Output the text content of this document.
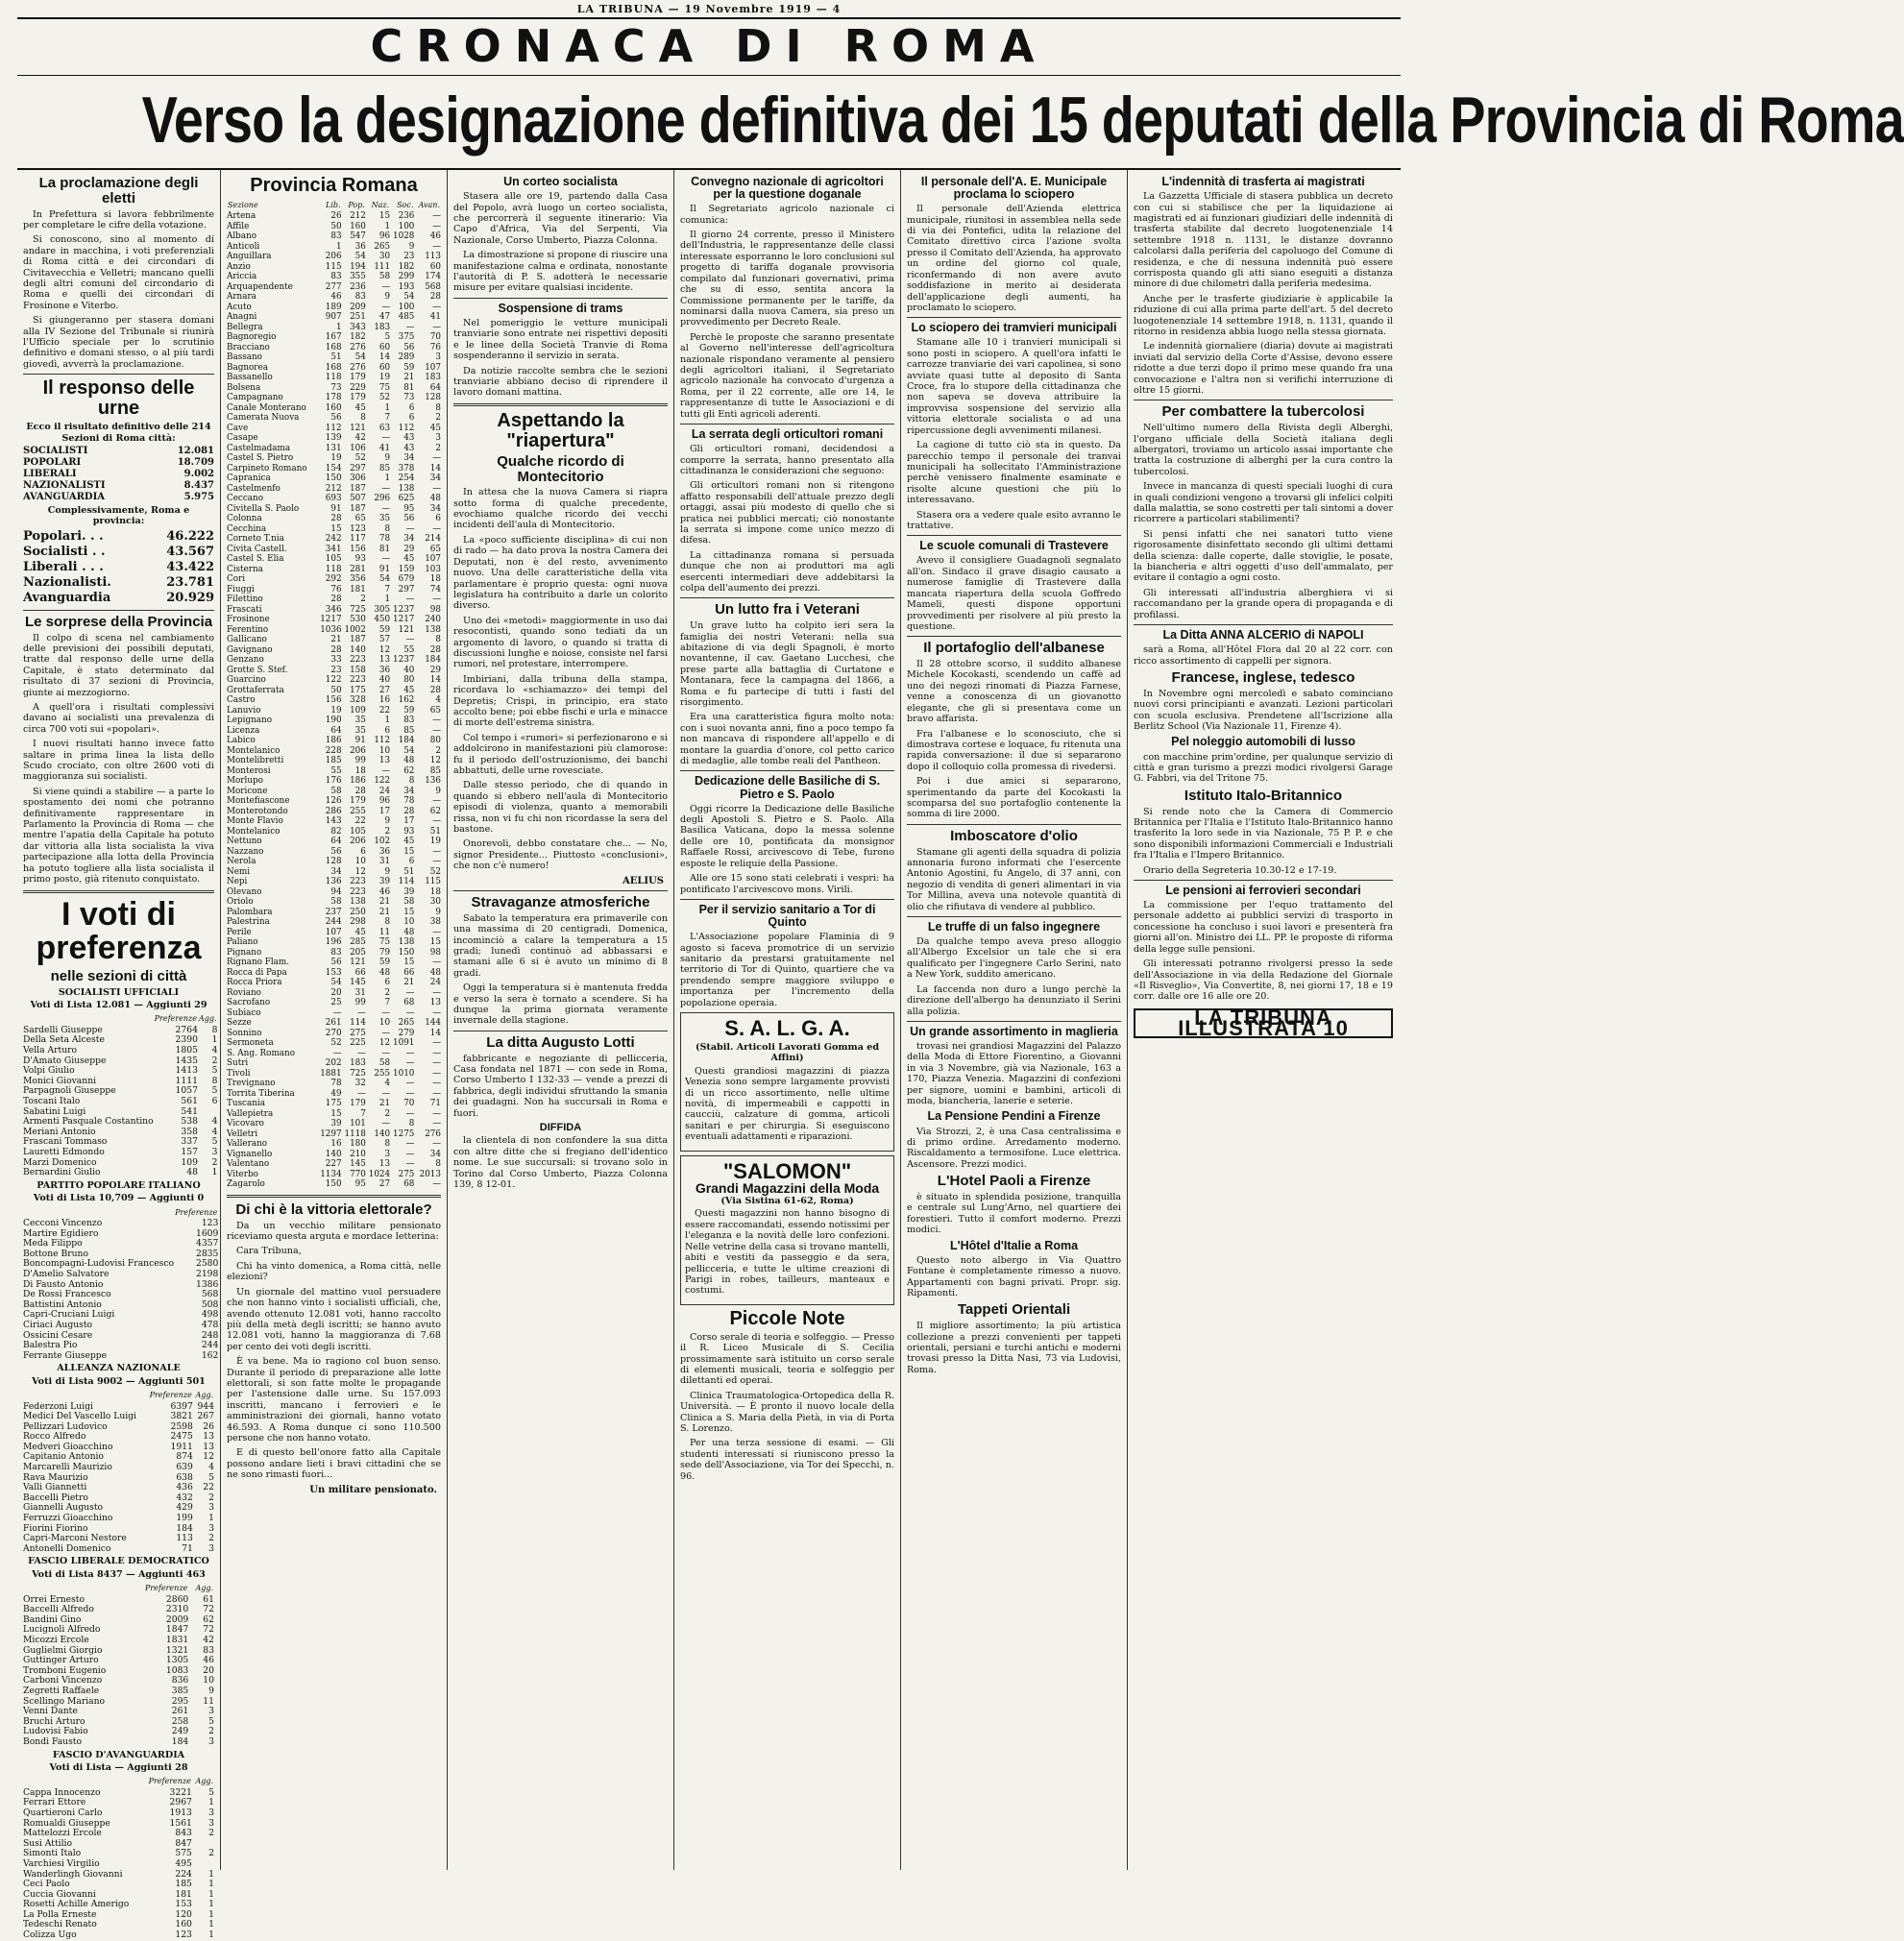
LA TRIBUNA — 19 Novembre 1919 — 4
CRONACA DI ROMA
Verso la designazione definitiva dei 15 deputati della Provincia di Roma
La proclamazione degli eletti

In Prefettura si lavora febbrilmente per completare le cifre della votazione.

Si conoscono, sino al momento di andare in macchina, i voti preferenziali di Roma città e dei circondari di Civitavecchia e Velletri; mancano quelli degli altri comuni del circondario di Roma e quelli dei circondari di Frosinone e Viterbo.

Si giungeranno per stasera domani alla IV Sezione del Tribunale si riunirà l'Ufficio speciale per lo scrutinio definitivo e domani stesso, o al più tardi giovedì, avverrà la proclamazione.

Il responso delle urne
Ecco il risultato definitivo delle 214 Sezioni di Roma città:
SOCIALISTI	12.081
POPOLARI	18.709
LIBERALI	9.002
NAZIONALISTI	8.437
AVANGUARDIA	5.975
Complessivamente, Roma e provincia:
Popolari. . .	46.222
Socialisti . .	43.567
Liberali . . .	43.422
Nazionalisti.	23.781
Avanguardia	20.929
Le sorprese della Provincia

Il colpo di scena nel cambiamento delle previsioni dei possibili deputati, tratte dal responso delle urne della Capitale, è stato determinato dal risultato di 37 sezioni di Provincia, giunte ai mezzogiorno.

A quell'ora i risultati complessivi davano ai socialisti una prevalenza di circa 700 voti sui «popolari».

I nuovi risultati hanno invece fatto saltare in prima linea la lista dello Scudo crociato, con oltre 2600 voti di maggioranza sui socialisti.

Si viene quindi a stabilire — a parte lo spostamento dei nomi che potranno definitivamente rappresentare in Parlamento la Provincia di Roma — che mentre l'apatia della Capitale ha potuto dar vittoria alla lista socialista la viva partecipazione alla lotta della Provincia ha potuto togliere alla lista socialista il primo posto, già ritenuto conquistato.

I voti di preferenza
nelle sezioni di città
SOCIALISTI UFFICIALI
Voti di Lista 12.081 — Aggiunti 29
	Preferenze	Agg.
Sardelli Giuseppe	2764	8
Della Seta Alceste	2390	1
Vella Arturo	1805	4
D'Amato Giuseppe	1435	2
Volpi Giulio	1413	5
Monici Giovanni	1111	8
Parpagnoli Giuseppe	1057	5
Toscani Italo	561	6
Sabatini Luigi	541	
Armenti Pasquale Costantino	538	4
Meriani Antonio	358	4
Frascani Tommaso	337	5
Lauretti Edmondo	157	3
Marzi Domenico	109	2
Bernardini Giulio	48	1
PARTITO POPOLARE ITALIANO
Voti di Lista 10,709 — Aggiunti 0
	Preferenze
Cecconi Vincenzo	123
Martire Egidiero	1609
Meda Filippo	4357
Bottone Bruno	2835
Boncompagni-Ludovisi Francesco	2580
D'Amelio Salvatore	2198
Di Fausto Antonio	1386
De Rossi Francesco	568
Battistini Antonio	508
Capri-Cruciani Luigi	498
Ciriaci Augusto	478
Ossicini Cesare	248
Balestra Pio	244
Ferrante Giuseppe	162
ALLEANZA NAZIONALE
Voti di Lista 9002 — Aggiunti 501
	Preferenze	Agg.
Federzoni Luigi	6397	944
Medici Del Vascello Luigi	3821	267
Pellizzari Ludovico	2598	26
Rocco Alfredo	2475	13
Medveri Gioacchino	1911	13
Capitanio Antonio	874	12
Marcarelli Maurizio	639	4
Rava Maurizio	638	5
Valli Giannetti	436	22
Baccelli Pietro	432	2
Giannelli Augusto	429	3
Ferruzzi Gioacchino	199	1
Fiorini Fiorino	184	3
Capri-Marconi Nestore	113	2
Antonelli Domenico	71	3
FASCIO LIBERALE DEMOCRATICO
Voti di Lista 8437 — Aggiunti 463
	Preferenze	Agg.
Orrei Ernesto	2860	61
Baccelli Alfredo	2310	72
Bandini Gino	2009	62
Lucignoli Alfredo	1847	72
Micozzi Ercole	1831	42
Guglielmi Giorgio	1321	83
Guttinger Arturo	1305	46
Tromboni Eugenio	1083	20
Carboni Vincenzo	836	10
Zegretti Raffaele	385	9
Scellingo Mariano	295	11
Venni Dante	261	3
Bruchi Arturo	258	5
Ludovisi Fabio	249	2
Bondi Fausto	184	3
FASCIO D'AVANGUARDIA
Voti di Lista — Aggiunti 28
	Preferenze	Agg.
Cappa Innocenzo	3221	5
Ferrari Ettore	2967	1
Quartieroni Carlo	1913	3
Romualdi Giuseppe	1561	3
Mattelozzi Ercole	843	2
Susi Attilio	847	
Simonti Italo	575	2
Varchiesi Virgilio	495	
Wanderlingh Giovanni	224	1
Ceci Paolo	185	1
Cuccia Giovanni	181	1
Rosetti Achille Amerigo	153	1
La Polla Erneste	120	1
Tedeschi Renato	160	1
Colizza Ugo	123	1
Provincia Romana
Sezione	Lib.	Pop.	Naz.	Soc.	Avan.
Artena	26	212	15	236	—
Affile	50	160	1	100	—
Albano	83	547	96	1028	46
Anticoli	1	36	265	9	—
Anguillara	206	54	30	23	113
Anzio	115	194	111	182	60
Ariccia	83	355	58	299	174
Arquapendente	277	236	—	193	568
Arnara	46	83	9	54	28
Acuto	189	209	—	100	—
Anagni	907	251	47	485	41
Bellegra	1	343	183	—	—
Bagnoregio	167	182	5	375	70
Bracciano	168	276	60	56	76
Bassano	51	54	14	289	3
Bagnorea	168	276	60	59	107
Bassanello	118	179	19	21	183
Bolsena	73	229	75	81	64
Campagnano	178	179	52	73	128
Canale Monterano	160	45	1	6	8
Camerata Nuova	56	8	7	6	2
Cave	112	121	63	112	45
Casape	139	42	—	43	3
Castelmadama	131	106	41	43	2
Castel S. Pietro	19	52	9	34	—
Carpineto Romano	154	297	85	378	14
Capranica	150	306	1	254	34
Castelmenfo	212	187	—	138	—
Ceccano	693	507	296	625	48
Civitella S. Paolo	91	187	—	95	34
Colonna	28	65	35	56	6
Cecchina	15	123	8	—	—
Corneto T.nia	242	117	78	34	214
Civita Castell.	341	156	81	29	65
Castel S. Elia	105	93	—	45	107
Cisterna	118	281	91	159	103
Cori	292	356	54	679	18
Fiuggi	76	181	7	297	74
Filettino	28	2	1	—	—
Frascati	346	725	305	1237	98
Frosinone	1217	530	450	1217	240
Ferentino	1036	1002	59	121	138
Gallicano	21	187	57	—	8
Gavignano	28	140	12	55	28
Genzano	33	223	13	1237	184
Grotte S. Stef.	23	158	36	40	29
Guarcino	122	223	40	80	14
Grottaferrata	50	175	27	45	28
Castro	156	328	16	162	4
Lanuvio	19	109	22	59	65
Lepignano	190	35	1	83	—
Licenza	64	35	6	85	—
Labico	186	91	112	184	80
Montelanico	228	206	10	54	2
Montelibretti	185	99	13	48	12
Monterosi	55	18	—	62	85
Morlupo	176	186	122	8	136
Moricone	58	28	24	34	9
Montefiascone	126	179	96	78	—
Monterotondo	286	255	17	28	62
Monte Flavio	143	22	9	17	—
Montelanico	82	105	2	93	51
Nettuno	64	206	102	45	19
Nazzano	56	6	36	15	—
Nerola	128	10	31	6	—
Nemi	34	12	9	51	52
Nepi	136	223	39	114	115
Olevano	94	223	46	39	18
Oriolo	58	138	21	58	30
Palombara	237	250	21	15	9
Palestrina	244	298	8	10	38
Perile	107	45	11	48	—
Paliano	196	285	75	138	15
Pignano	83	205	79	150	98
Rignano Flam.	56	121	59	15	—
Rocca di Papa	153	66	48	66	48
Rocca Priora	54	145	6	21	24
Roviano	20	31	2	—	—
Sacrofano	25	99	7	68	13
Subiaco	—	—	—	—	—
Sezze	261	114	10	265	144
Sonnino	270	275	—	279	14
Sermoneta	52	225	12	1091	—
S. Ang. Romano	—	—	—	—	—
Sutri	202	183	58	—	—
Tivoli	1881	725	255	1010	—
Trevignano	78	32	4	—	—
Torrita Tiberina	49	—	—	—	—
Tuscania	175	179	21	70	71
Vallepietra	15	7	2	—	—
Vicovaro	39	101	—	8	—
Velletri	1297	1118	140	1275	276
Vallerano	16	180	8	—	—
Vignanello	140	210	3	—	34
Valentano	227	145	13	—	8
Viterbo	1134	770	1024	275	2013
Zagarolo	150	95	27	68	—
Di chi è la vittoria elettorale?

Da un vecchio militare pensionato riceviamo questa arguta e mordace letterina:

Cara Tribuna,

Chi ha vinto domenica, a Roma città, nelle elezioni?

Un giornale del mattino vuol persuadere che non hanno vinto i socialisti ufficiali, che, avendo ottenuto 12.081 voti, hanno raccolto più della metà degli iscritti; se hanno avuto 12.081 voti, hanno la maggioranza di 7.68 per cento dei voti degli iscritti.

È va bene. Ma io ragiono col buon senso. Durante il periodo di preparazione alle lotte elettorali, si son fatte molte le propagande per l'astensione dalle urne. Su 157.093 inscritti, mancano i ferrovieri e le amministrazioni dei giornali, hanno votato 46.593. A Roma dunque ci sono 110.500 persone che non hanno votato.

E di questo bell'onore fatto alla Capitale possono andare lieti i bravi cittadini che se ne sono rimasti fuori...

Un militare pensionato.
Un corteo socialista

Stasera alle ore 19, partendo dalla Casa del Popolo, avrà luogo un corteo socialista, che percorrerà il seguente itinerario: Via Capo d'Africa, Via del Serpenti, Via Nazionale, Corso Umberto, Piazza Colonna.

La dimostrazione si propone di riuscire una manifestazione calma e ordinata, nonostante l'autorità di P. S. adotterà le necessarie misure per evitare qualsiasi incidente.

Sospensione di trams

Nel pomeriggio le vetture municipali tranviarie sono entrate nei rispettivi depositi e le linee della Società Tranvie di Roma sospenderanno il servizio in serata.

Da notizie raccolte sembra che le sezioni tranviarie abbiano deciso di riprendere il lavoro domani mattina.

Aspettando la "riapertura"
Qualche ricordo di Montecitorio

In attesa che la nuova Camera si riapra sotto forma di qualche precedente, evochiamo qualche ricordo dei vecchi incidenti dell'aula di Montecitorio.

La «poco sufficiente disciplina» di cui non di rado — ha dato prova la nostra Camera dei Deputati, non è del resto, avvenimento nuovo. Una delle caratteristiche della vita parlamentare è proprio questa: ogni nuova legislatura ha contribuito a darle un colorito diverso.

Uno dei «metodi» maggiormente in uso dai resocontisti, quando sono tediati da un argomento di lavoro, o quando si tratta di discussioni lunghe e noiose, consiste nel farsi rumori, nel protestare, interrompere.

Imbiriani, dalla tribuna della stampa, ricordava lo «schiamazzo» dei tempi del Depretis; Crispi, in principio, era stato accolto bene; poi ebbe fischi e urla e minacce di morte dell'estrema sinistra.

Col tempo i «rumori» si perfezionarono e si addolcirono in manifestazioni più clamorose: fu il periodo dell'ostruzionismo, dei banchi abbattuti, delle urne rovesciate.

Dalle stesso periodo, che di quando in quando si ebbero nell'aula di Montecitorio episodi di violenza, quanto a memorabili rissa, non vi fu chi non ricordasse la sera del bastone.

Onorevoli, debbo constatare che... — No, signor Presidente... Piuttosto «conclusioni», che non c'è numero!

AELIUS
Stravaganze atmosferiche

Sabato la temperatura era primaverile con una massima di 20 centigradi. Domenica, incominciò a calare la temperatura a 15 gradi; lunedì continuò ad abbassarsi e stamani alle 6 si è avuto un minimo di 8 gradi.

Oggi la temperatura si è mantenuta fredda e verso la sera è tornato a scendere. Si ha dunque la prima giornata veramente invernale della stagione.

La ditta Augusto Lotti

fabbricante e negoziante di pellicceria, Casa fondata nel 1871 — con sede in Roma, Corso Umberto I 132-33 — vende a prezzi di fabbrica, degli individui sfruttando la smania dei guadagni. Non ha succursali in Roma e fuori.

DIFFIDA

la clientela di non confondere la sua ditta con altre ditte che si fregiano dell'identico nome. Le sue succursali: si trovano solo in Torino dal Corso Umberto, Piazza Colonna 139, 8 12-01.

Convegno nazionale di agricoltori per la questione doganale

Il Segretariato agricolo nazionale ci comunica:

Il giorno 24 corrente, presso il Ministero dell'Industria, le rappresentanze delle classi interessate esporranno le loro conclusioni sul progetto di tariffa doganale provvisoria compilato dal funzionari governativi, prima che su di esso, sentita ancora la Commissione permanente per le tariffe, da nominarsi dalla nuova Camera, sia preso un provvedimento per Decreto Reale.

Perchè le proposte che saranno presentate al Governo nell'interesse dell'agricoltura nazionale rispondano veramente al pensiero degli agricoltori italiani, il Segretariato agricolo nazionale ha convocato d'urgenza a Roma, per il 22 corrente, alle ore 14, le rappresentanze di tutte le Associazioni e di tutti gli Enti agricoli aderenti.

La serrata degli orticultori romani

Gli orticultori romani, decidendosi a comporre la serrata, hanno presentato alla cittadinanza le considerazioni che seguono:

Gli orticultori romani non si ritengono affatto responsabili dell'attuale prezzo degli ortaggi, assai più modesto di quello che si pratica nei pubblici mercati; ciò nonostante la serrata si impone come unico mezzo di difesa.

La cittadinanza romana si persuada dunque che non ai produttori ma agli esercenti intermediari deve addebitarsi la colpa dell'aumento dei prezzi.

Un lutto fra i Veterani

Un grave lutto ha colpito ieri sera la famiglia dei nostri Veterani: nella sua abitazione di via degli Spagnoli, è morto novantenne, il cav. Gaetano Lucchesi, che prese parte alla battaglia di Curtatone e Montanara, fece la campagna del 1866, a Roma e fu partecipe di tutti i fasti del risorgimento.

Era una caratteristica figura molto nota: con i suoi novanta anni, fino a poco tempo fa non mancava di rispondere all'appello e di montare la guardia d'onore, col petto carico di medaglie, alle tombe reali del Pantheon.

Dedicazione delle Basiliche di S. Pietro e S. Paolo

Oggi ricorre la Dedicazione delle Basiliche degli Apostoli S. Pietro e S. Paolo. Alla Basilica Vaticana, dopo la messa solenne delle ore 10, pontificata da monsignor Raffaele Rossi, arcivescovo di Tebe, furono esposte le reliquie della Passione.

Alle ore 15 sono stati celebrati i vespri: ha pontificato l'arcivescovo mons. Virili.

Per il servizio sanitario a Tor di Quinto

L'Associazione popolare Flaminia di 9 agosto si faceva promotrice di un servizio sanitario da prestarsi gratuitamente nel territorio di Tor di Quinto, quartiere che va prendendo sempre maggiore sviluppo e importanza per l'incremento della popolazione operaia.

S. A. L. G. A.
(Stabil. Articoli Lavorati Gomma ed Affini)

Questi grandiosi magazzini di piazza Venezia sono sempre largamente provvisti di un ricco assortimento, nelle ultime novità, di impermeabili e cappotti in caucciù, calzature di gomma, articoli sanitari e per chirurgia. Si eseguiscono eventuali adattamenti e riparazioni.

"SALOMON"
Grandi Magazzini della Moda
(Via Sistina 61-62, Roma)

Questi magazzini non hanno bisogno di essere raccomandati, essendo notissimi per l'eleganza e la novità delle loro confezioni. Nelle vetrine della casa si trovano mantelli, abiti e vestiti da passeggio e da sera, pellicceria, e tutte le ultime creazioni di Parigi in robes, tailleurs, manteaux e costumi.

Piccole Note

Corso serale di teoria e solfeggio. — Presso il R. Liceo Musicale di S. Cecilia prossimamente sarà istituito un corso serale di elementi musicali, teoria e solfeggio per dilettanti ed operai.

Clinica Traumatologica-Ortopedica della R. Università. — È pronto il nuovo locale della Clinica a S. Maria della Pietà, in via di Porta S. Lorenzo.

Per una terza sessione di esami. — Gli studenti interessati si riuniscono presso la sede dell'Associazione, via Tor dei Specchi, n. 96.

Il personale dell'A. E. Municipale proclama lo sciopero

Il personale dell'Azienda elettrica municipale, riunitosi in assemblea nella sede di via dei Pontefici, udita la relazione del Comitato direttivo circa l'azione svolta presso il Comitato dell'Azienda, ha approvato un ordine del giorno col quale, riconfermando di non avere avuto soddisfazione in merito ai desiderata dell'applicazione degli aumenti, ha proclamato lo sciopero.

Lo sciopero dei tramvieri municipali

Stamane alle 10 i tranvieri municipali si sono posti in sciopero. A quell'ora infatti le carrozze tranviarie dei vari capolinea, si sono avviate quasi tutte al deposito di Santa Croce, fra lo stupore della cittadinanza che non sapeva se doveva attribuire la improvvisa sospensione del servizio alla vittoria elettorale socialista o ad una ripercussione degli avvenimenti milanesi.

La cagione di tutto ciò sta in questo. Da parecchio tempo il personale dei tranvai municipali ha sollecitato l'Amministrazione perchè venissero finalmente esaminate e risolte alcune questioni che più lo interessavano.

Stasera ora a vedere quale esito avranno le trattative.

Le scuole comunali di Trastevere

Avevo il consigliere Guadagnoli segnalato all'on. Sindaco il grave disagio causato a numerose famiglie di Trastevere dalla mancata riapertura della scuola Goffredo Mameli, questi dispone opportuni provvedimenti per risolvere al più presto la questione.

Il portafoglio dell'albanese

Il 28 ottobre scorso, il suddito albanese Michele Kocokasti, scendendo un caffè ad uno dei negozi rinomati di Piazza Farnese, venne a conoscenza di un giovanotto elegante, che gli si presentava come un bravo affarista.

Fra l'albanese e lo sconosciuto, che si dimostrava cortese e loquace, fu ritenuta una rapida conversazione: il due si separarono dopo il colloquio colla promessa di rivedersi.

Poi i due amici si separarono, sperimentando da parte del Kocokasti la scomparsa del suo portafoglio contenente la somma di lire 2000.

Imboscatore d'olio

Stamane gli agenti della squadra di polizia annonaria furono informati che l'esercente Antonio Agostini, fu Angelo, di 37 anni, con negozio di vendita di generi alimentari in via Tor Millina, aveva una notevole quantità di olio che rifiutava di vendere al pubblico.

Le truffe di un falso ingegnere

Da qualche tempo aveva preso alloggio all'Albergo Excelsior un tale che si era qualificato per l'ingegnere Carlo Serini, nato a New York, suddito americano.

La faccenda non duro a lungo perchè la direzione dell'albergo ha denunziato il Serini alla polizia.

Un grande assortimento in maglieria

trovasi nei grandiosi Magazzini del Palazzo della Moda di Ettore Fiorentino, a Giovanni in via 3 Novembre, già via Nazionale, 163 a 170, Piazza Venezia. Magazzini di confezioni per signore, uomini e bambini, articoli di moda, biancheria, lanerie e seterie.

La Pensione Pendini a Firenze

Via Strozzi, 2, è una Casa centralissima e di primo ordine. Arredamento moderno. Riscaldamento a termosifone. Luce elettrica. Ascensore. Prezzi modici.

L'Hotel Paoli a Firenze

è situato in splendida posizione, tranquilla e centrale sul Lung'Arno, nel quartiere dei forestieri. Tutto il comfort moderno. Prezzi modici.

L'Hôtel d'Italie a Roma

Questo noto albergo in Via Quattro Fontane è completamente rimesso a nuovo. Appartamenti con bagni privati. Propr. sig. Ripamonti.

Tappeti Orientali

Il migliore assortimento; la più artistica collezione a prezzi convenienti per tappeti orientali, persiani e turchi antichi e moderni trovasi presso la Ditta Nasi, 73 via Ludovisi, Roma.

L'indennità di trasferta ai magistrati

La Gazzetta Ufficiale di stasera pubblica un decreto con cui si stabilisce che per la liquidazione ai magistrati ed ai funzionari giudiziari delle indennità di trasferta stabilite dal decreto luogotenenziale 14 settembre 1918 n. 1131, le distanze dovranno calcolarsi dalla periferia del capoluogo del Comune di residenza, e che di nessuna indennità può essere corrisposta quando gli atti siano eseguiti a distanza minore di due chilometri dalla periferia medesima.

Anche per le trasferte giudiziarie è applicabile la riduzione di cui alla prima parte dell'art. 5 del decreto luogotenenziale 14 settembre 1918, n. 1131, quando il ritorno in residenza abbia luogo nella stessa giornata.

Le indennità giornaliere (diaria) dovute ai magistrati inviati dal servizio della Corte d'Assise, devono essere ridotte a due terzi dopo il primo mese quando fra una convocazione e l'altra non si verifichi interruzione di oltre 15 giorni.

Per combattere la tubercolosi

Nell'ultimo numero della Rivista degli Alberghi, l'organo ufficiale della Società italiana degli albergatori, troviamo un articolo assai importante che tratta la costruzione di alberghi per la cura contro la tubercolosi.

Invece in mancanza di questi speciali luoghi di cura in quali condizioni vengono a trovarsi gli infelici colpiti dalla malattia, se sono costretti per tali sintomi a dover ricorrere a particolari stabilimenti?

Si pensi infatti che nei sanatori tutto viene rigorosamente disinfettato secondo gli ultimi dettami della scienza: dalle coperte, dalle stoviglie, le posate, la biancheria e altri oggetti d'uso dell'ammalato, per evitare il contagio a ogni costo.

Gli interessati all'industria alberghiera vi si raccomandano per la grande opera di propaganda e di profilassi.

La Ditta ANNA ALCERIO di NAPOLI

sarà a Roma, all'Hôtel Flora dal 20 al 22 corr. con ricco assortimento di cappelli per signora.

Francese, inglese, tedesco

In Novembre ogni mercoledì e sabato cominciano nuovi corsi principianti e avanzati. Lezioni particolari con scuola esclusiva. Prendetene all'Iscrizione alla Berlitz School (Via Nazionale 11, Firenze 4).

Pel noleggio automobili di lusso

con macchine prim'ordine, per qualunque servizio di città e gran turismo a prezzi modici rivolgersi Garage G. Fabbri, via del Tritone 75.

Istituto Italo-Britannico

Si rende noto che la Camera di Commercio Britannica per l'Italia e l'Istituto Italo-Britannico hanno trasferito la loro sede in via Nazionale, 75 P. P. e che sono disponibili informazioni Commerciali e Industriali fra l'Italia e l'Impero Britannico.

Orario della Segreteria 10.30-12 e 17-19.

Le pensioni ai ferrovieri secondari

La commissione per l'equo trattamento del personale addetto ai pubblici servizi di trasporto in concessione ha concluso i suoi lavori e presenterà fra giorni all'on. Ministro dei LL. PP. le proposte di riforma della legge sulle pensioni.

Gli interessati potranno rivolgersi presso la sede dell'Associazione in via della Redazione del Giornale «Il Risveglio», Via Convertite, 8, nei giorni 17, 18 e 19 corr. dalle ore 16 alle ore 20.

LA TRIBUNA ILLUSTRATA 10
